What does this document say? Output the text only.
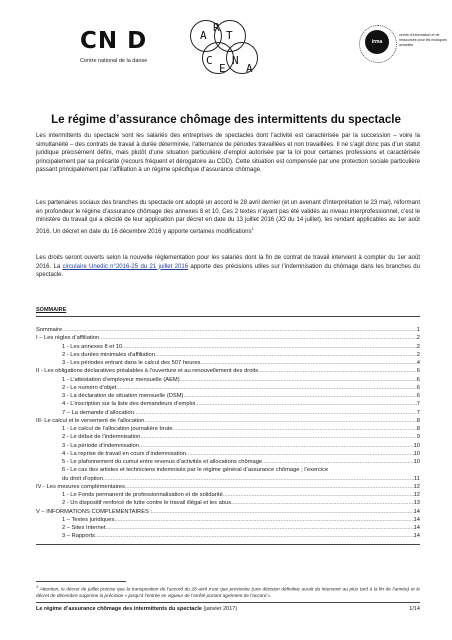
CN D
Centre national de la danse
A
R
T
C
E
N
A
irma
centre d'information et de ressources pour les musiques actuelles
Le régime d’assurance chômage des intermittents du spectacle
Les intermittents du spectacle sont les salariés des entreprises de spectacles dont l’activité est caractérisée par la succession – voire la simultanéité – des contrats de travail à durée déterminée, l’alternance de périodes travaillées et non travaillées. Il ne s’agit donc pas d’un statut juridique précisément défini, mais plutôt d’une situation particulière d’emploi autorisée par la loi pour certaines professions et caractérisée principalement par sa précarité (recours fréquent et dérogatoire au CDD). Cette situation est compensée par une protection sociale particulière passant principalement par l’affiliation à un régime spécifique d’assurance chômage.
Les partenaires sociaux des branches du spectacle ont adopté un accord le 28 avril dernier (et un avenant d’interprétation le 23 mai), réformant en profondeur le régime d’assurance chômage des annexes 8 et 10. Ces 2 textes n’ayant pas été validés au niveau interprofessionnel, c’est le ministère du travail qui a décidé de leur application par décret en date du 13 juillet 2016 (JO du 14 juillet), les rendant applicables au 1er août 2016. Un décret en date du 16 décembre 2016 y apporte certaines modifications$^1$
Les droits seront ouverts selon la nouvelle réglementation pour les salariés dont la fin de contrat de travail intervient à compter du 1er août 2016. La circulaire Unedic n°2016-25 du 21 juillet 2016 apporte des précisions utiles sur l’indemnisation du chômage dans les branches du spectacle.
SOMMAIRE
Sommaire .....	1
I – Les règles d’affiliation .....	2
1 - Les annexes 8 et 10 .....	2
2 - Les durées minimales d’affiliation .....	2
3 - Les périodes entrant dans le calcul des 507 heures .....	4
II - Les obligations déclaratives préalables à l’ouverture et au renouvellement des droits .....	6
1 - L’attestation d’employeur mensuelle (AEM) .....	6
2 - Le numéro d’objet .....	6
3 - La déclaration de situation mensuelle (DSM) .....	6
4 - L’inscription sur la liste des demandeurs d’emploi .....	7
7 – La demande d’allocation .....	7
III- Le calcul et le versement de l’allocation .....	8
1 - Le calcul de l’allocation journalière brute .....	8
2 - Le début de l’indemnisation .....	9
3 - La période d’indemnisation .....	10
4 - La reprise de travail en cours d’indemnisation .....	10
5 - Le plafonnement du cumul entre revenus d’activités et allocations chômage .....	10
6 - Le cas des artistes et techniciens indemnisés par le régime général d’assurance chômage ; l’exercice
du droit d’option .....	11
IV - Les mesures complémentaires .....	12
1 - Le Fonds permanent de professionnalisation et de solidarité .....	12
2 - Un dispositif renforcé de lutte contre le travail illégal et les abus .....	13
V – INFORMATIONS COMPLEMENTAIRES : .....	14
1 – Textes juridiques .....	14
2 – Sites Internet .....	14
3 – Rapports .....	14
$^1$ Attention, le décret de juillet précise que la transposition de l’accord du 28 avril n’est que provisoire (une décision définitive aurait du intervenir au plus tard à la fin de l’année) et le décret de décembre supprime la précision « jusqu’à l’entrée en vigueur de l’arrêté portant agrément de l’accord ».
Le régime d’assurance chômage des intermittents du spectacle (janvier 2017)	1/14
